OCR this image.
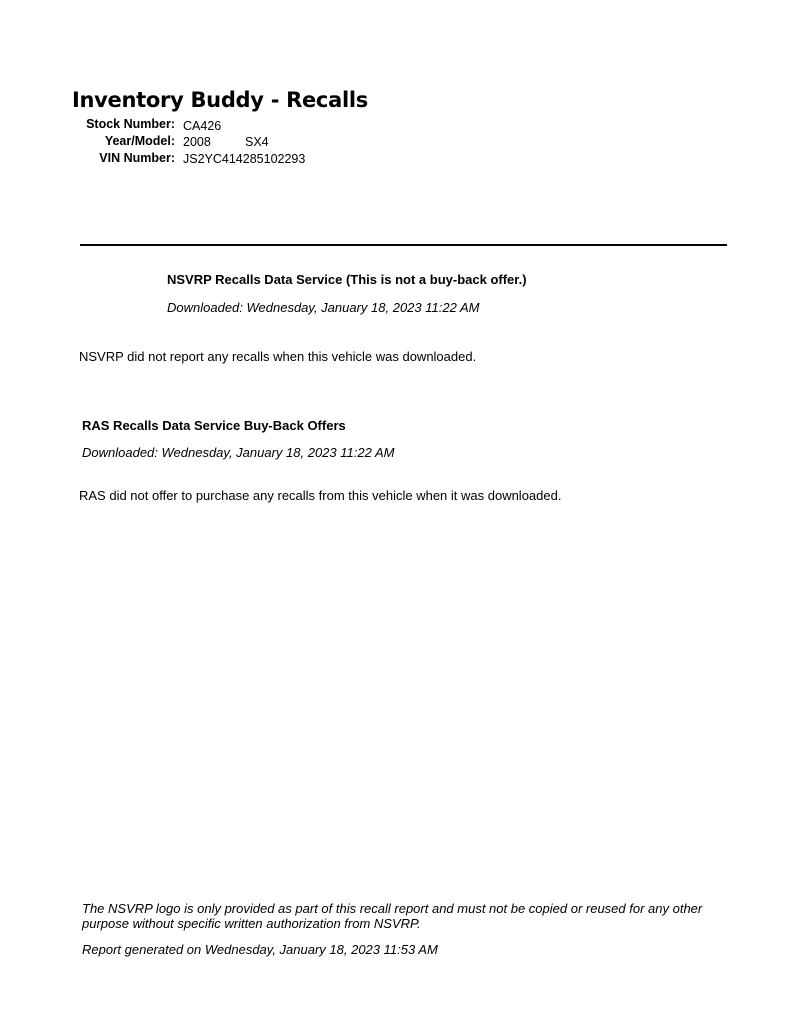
Inventory Buddy - Recalls
Stock Number: CA426
Year/Model: 2008	SX4
VIN Number: JS2YC414285102293
NSVRP Recalls Data Service (This is not a buy-back offer.)
Downloaded: Wednesday, January 18, 2023 11:22 AM
NSVRP did not report any recalls when this vehicle was downloaded.
RAS Recalls Data Service Buy-Back Offers
Downloaded: Wednesday, January 18, 2023 11:22 AM
RAS did not offer to purchase any recalls from this vehicle when it was downloaded.
The NSVRP logo is only provided as part of this recall report and must not be copied or reused for any other purpose without specific written authorization from NSVRP.
Report generated on Wednesday, January 18, 2023 11:53 AM
